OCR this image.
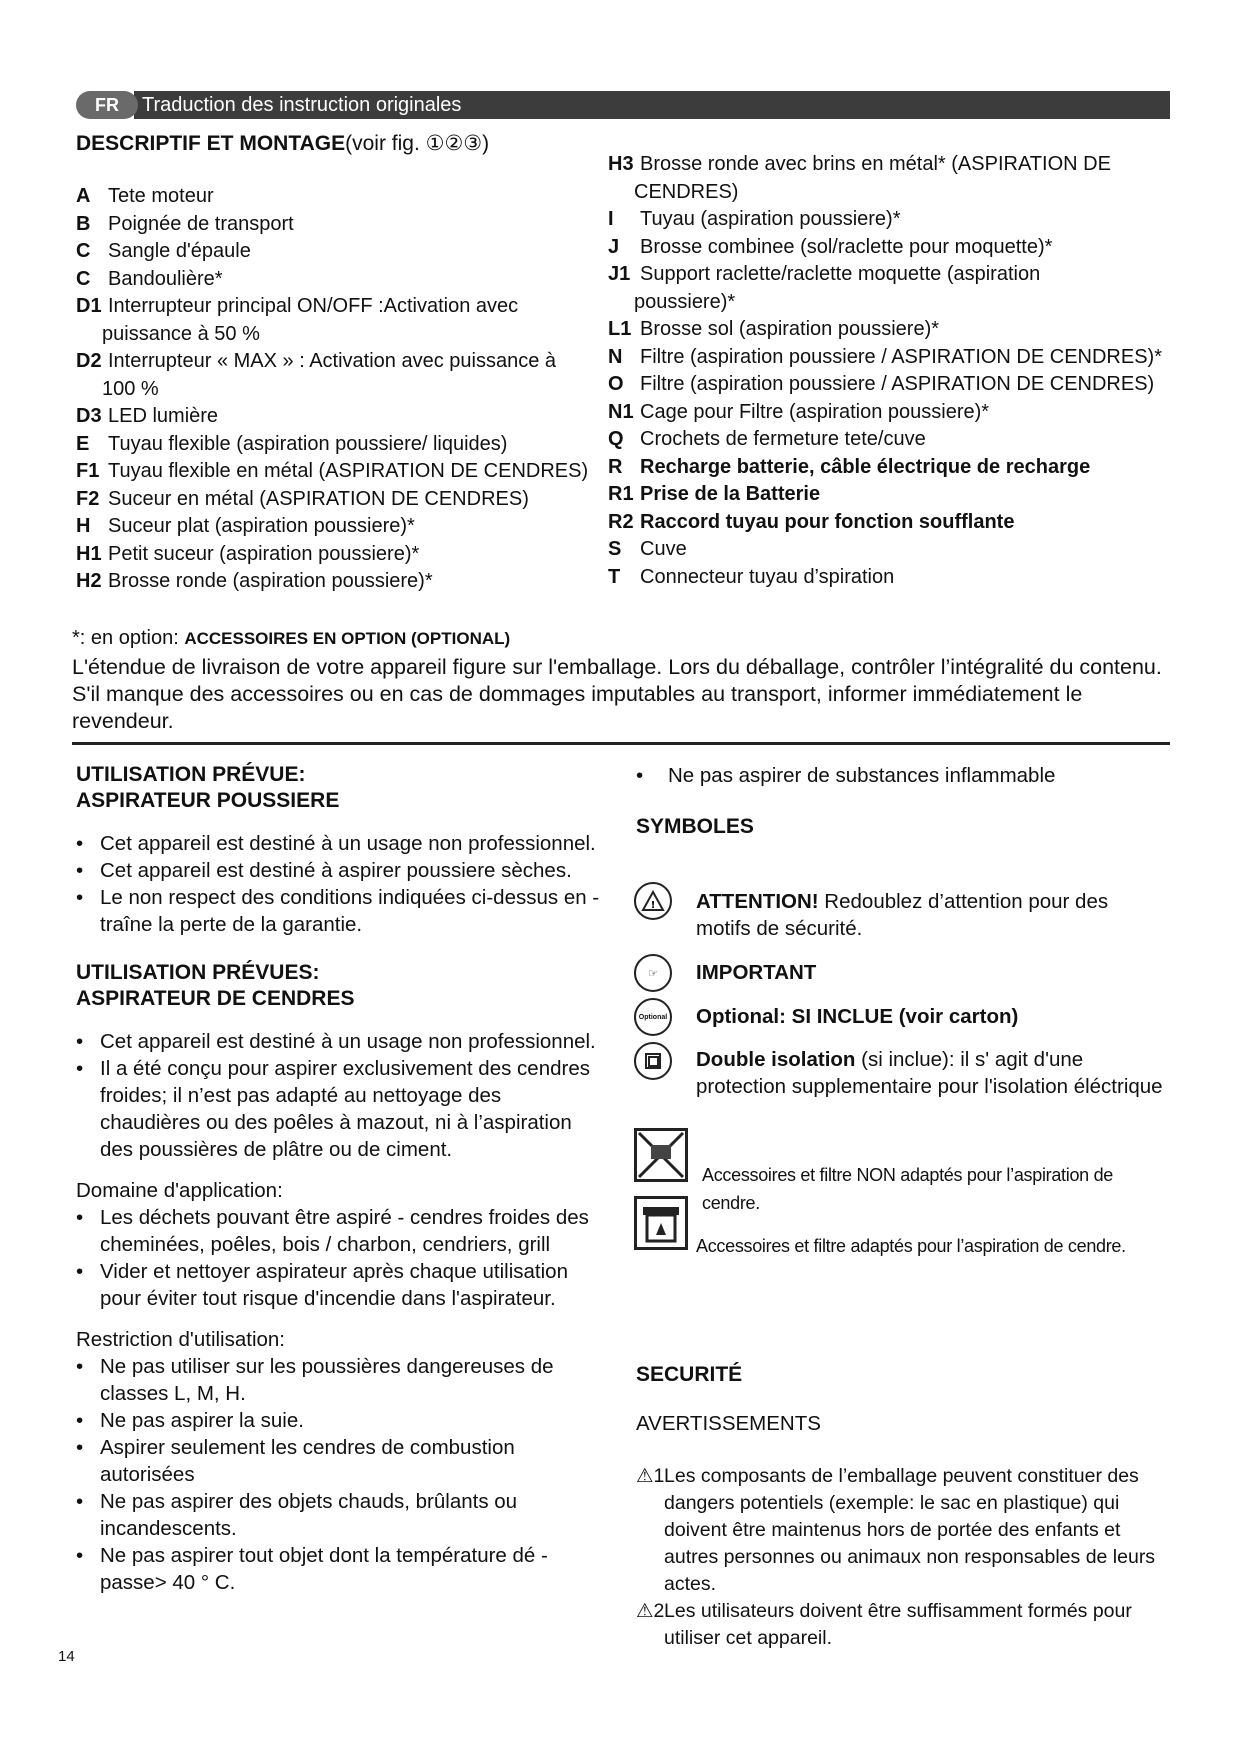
Traduction des instruction originales
FR
DESCRIPTIF ET MONTAGE(voir fig. ①②③)
A Tete moteur
B Poignée de transport
C Sangle d'épaule
C Bandoulière*
D1 Interrupteur principal ON/OFF :Activation avec
puissance à 50 %
D2 Interrupteur « MAX » : Activation avec puissance à
100 %
D3 LED lumière
E Tuyau flexible (aspiration poussiere/ liquides)
F1 Tuyau flexible en métal (ASPIRATION DE CENDRES)
F2 Suceur en métal (ASPIRATION DE CENDRES)
H Suceur plat (aspiration poussiere)*
H1 Petit suceur (aspiration poussiere)*
H2 Brosse ronde (aspiration poussiere)*
H3 Brosse ronde avec brins en métal* (ASPIRATION DE
CENDRES)
I Tuyau (aspiration poussiere)*
J Brosse combinee (sol/raclette pour moquette)*
J1 Support raclette/raclette moquette (aspiration
poussiere)*
L1 Brosse sol (aspiration poussiere)*
N Filtre (aspiration poussiere / ASPIRATION DE CENDRES)*
O Filtre (aspiration poussiere / ASPIRATION DE CENDRES)
N1 Cage pour Filtre (aspiration poussiere)*
Q Crochets de fermeture tete/cuve
R Recharge batterie, câble électrique de recharge
R1 Prise de la Batterie
R2 Raccord tuyau pour fonction soufflante
S Cuve
T Connecteur tuyau d’spiration
*: en option: ACCESSOIRES EN OPTION (OPTIONAL)
L'étendue de livraison de votre appareil figure sur l'emballage. Lors du déballage, contrôler l’intégralité du contenu. S'il manque des accessoires ou en cas de dommages imputables au transport, informer immédiatement le revendeur.
UTILISATION PRÉVUE:
ASPIRATEUR POUSSIERE
• Cet appareil est destiné à un usage non professionnel.
• Cet appareil est destiné à aspirer poussiere sèches.
• Le non respect des conditions indiquées ci-dessus en - traîne la perte de la garantie.
UTILISATION PRÉVUES:
ASPIRATEUR DE CENDRES
• Cet appareil est destiné à un usage non professionnel.
• Il a été conçu pour aspirer exclusivement des cendres froides; il n’est pas adapté au nettoyage des chaudières ou des poêles à mazout, ni à l’aspiration des poussières de plâtre ou de ciment.
Domaine d'application:
• Les déchets pouvant être aspiré - cendres froides des cheminées, poêles, bois / charbon, cendriers, grill
• Vider et nettoyer aspirateur après chaque utilisation pour éviter tout risque d'incendie dans l'aspirateur.
Restriction d'utilisation:
• Ne pas utiliser sur les poussières dangereuses de classes L, M, H.
• Ne pas aspirer la suie.
• Aspirer seulement les cendres de combustion autorisées
• Ne pas aspirer des objets chauds, brûlants ou incandescents.
• Ne pas aspirer tout objet dont la température dé - passe> 40 ° C.
• Ne pas aspirer de substances inflammable
SYMBOLES
! ATTENTION! Redoublez d’attention pour des motifs de sécurité.
☞	IMPORTANT
Optional Optional: SI INCLUE (voir carton)
Double isolation (si inclue): il s' agit d'une protection supplementaire pour l'isolation éléctrique
Accessoires et filtre NON adaptés pour l’aspiration de cendre.
Accessoires et filtre adaptés pour l’aspiration de cendre.
SECURITÉ
AVERTISSEMENTS
⚠1 Les composants de l’emballage peuvent constituer des dangers potentiels (exemple: le sac en plastique) qui doivent être maintenus hors de portée des enfants et autres personnes ou animaux non responsables de leurs actes.
⚠2 Les utilisateurs doivent être suffisamment formés pour utiliser cet appareil.
14
